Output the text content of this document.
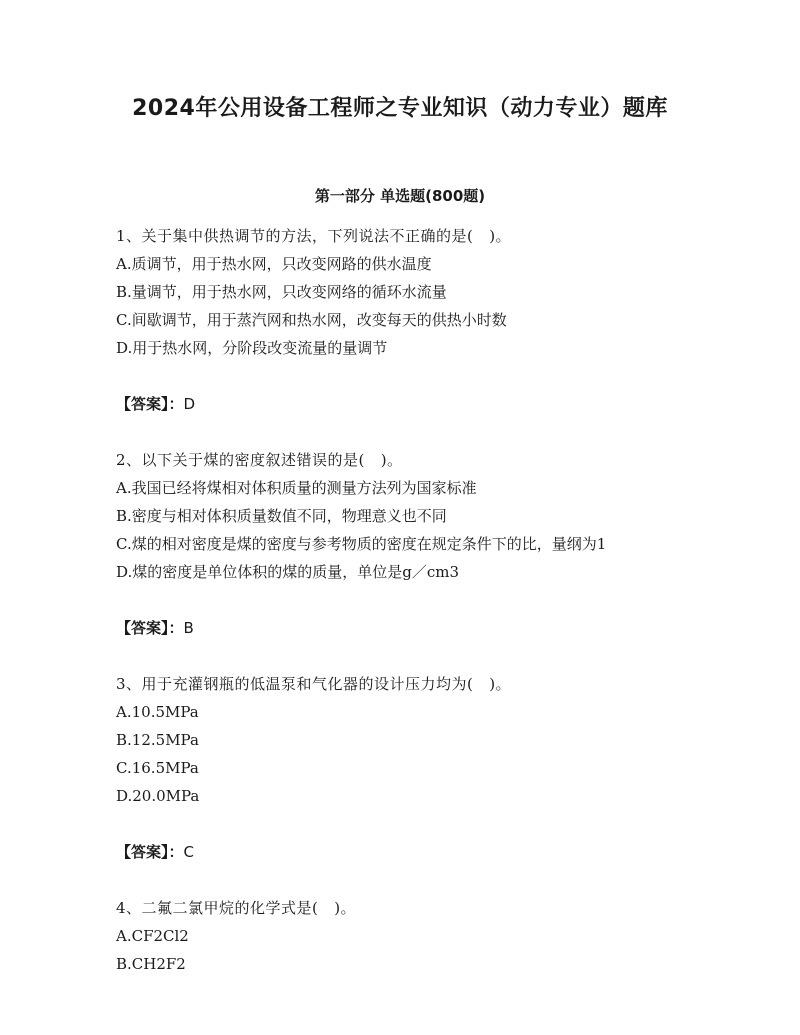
2024年公用设备工程师之专业知识（动力专业）题库
第一部分 单选题(800题)
1、关于集中供热调节的方法，下列说法不正确的是(   )。
A.质调节，用于热水网，只改变网路的供水温度
B.量调节，用于热水网，只改变网络的循环水流量
C.间歇调节，用于蒸汽网和热水网，改变每天的供热小时数
D.用于热水网，分阶段改变流量的量调节
【答案】：D
2、以下关于煤的密度叙述错误的是(   )。
A.我国已经将煤相对体积质量的测量方法列为国家标准
B.密度与相对体积质量数值不同，物理意义也不同
C.煤的相对密度是煤的密度与参考物质的密度在规定条件下的比，量纲为1
D.煤的密度是单位体积的煤的质量，单位是g／cm3
【答案】：B
3、用于充灌钢瓶的低温泵和气化器的设计压力均为(   )。
A.10.5MPa
B.12.5MPa
C.16.5MPa
D.20.0MPa
【答案】：C
4、二氟二氯甲烷的化学式是(   )。
A.CF2Cl2
B.CH2F2
